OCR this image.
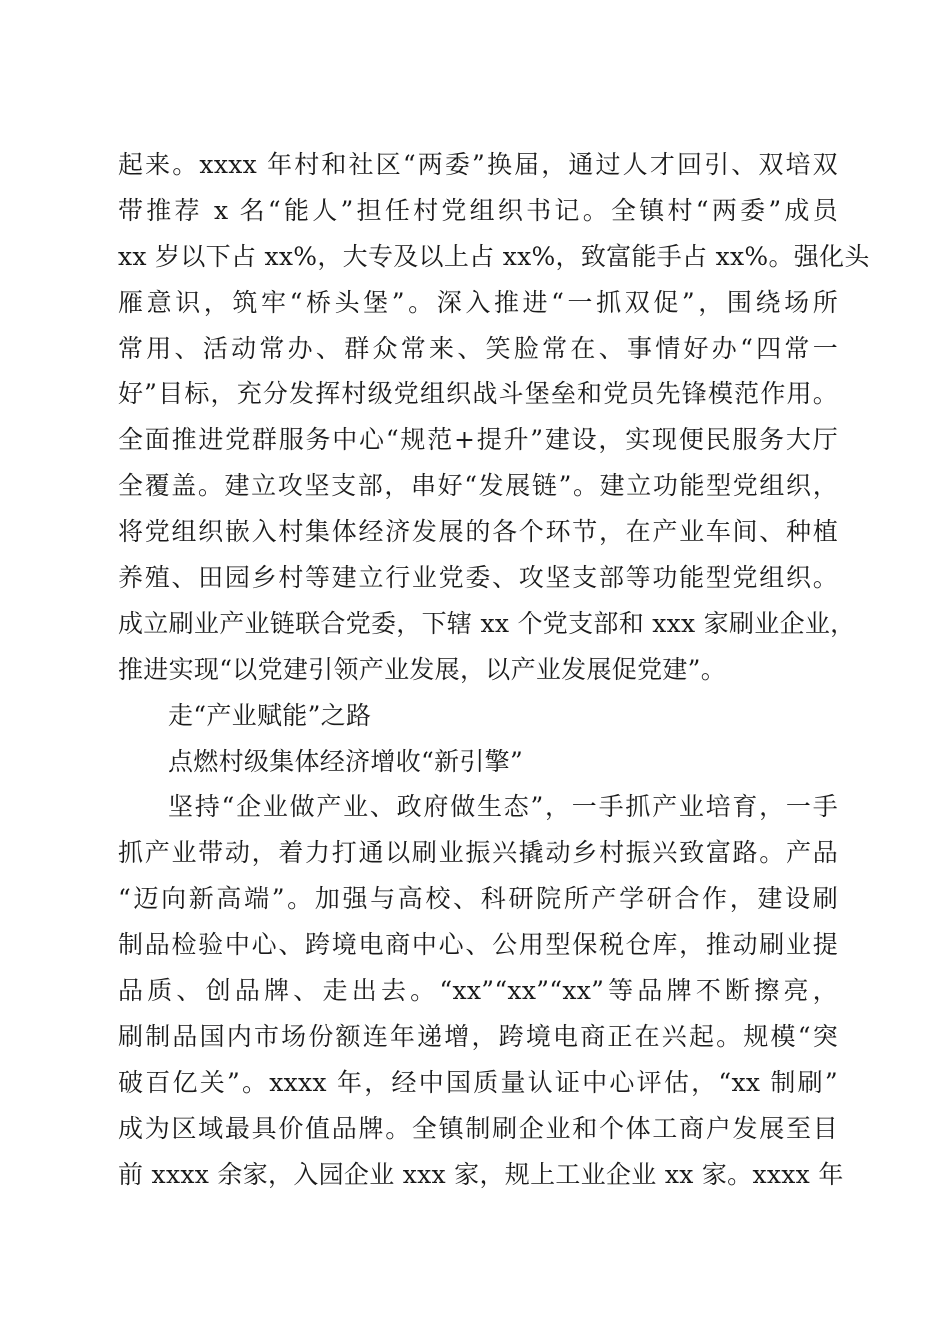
起来。xxxx 年村和社区“两委”换届，通过人才回引、双培双
带推荐 x 名“能人”担任村党组织书记。全镇村“两委”成员
xx 岁以下占 xx%，大专及以上占 xx%，致富能手占 xx%。强化头
雁意识，筑牢“桥头堡”。深入推进“一抓双促”，围绕场所
常用、活动常办、群众常来、笑脸常在、事情好办“四常一
好”目标，充分发挥村级党组织战斗堡垒和党员先锋模范作用。
全面推进党群服务中心“规范+提升”建设，实现便民服务大厅
全覆盖。建立攻坚支部，串好“发展链”。建立功能型党组织，
将党组织嵌入村集体经济发展的各个环节，在产业车间、种植
养殖、田园乡村等建立行业党委、攻坚支部等功能型党组织。
成立刷业产业链联合党委，下辖 xx 个党支部和 xxx 家刷业企业，
推进实现“以党建引领产业发展，以产业发展促党建”。
走“产业赋能”之路
点燃村级集体经济增收“新引擎”
坚持“企业做产业、政府做生态”，一手抓产业培育，一手
抓产业带动，着力打通以刷业振兴撬动乡村振兴致富路。产品
“迈向新高端”。加强与高校、科研院所产学研合作，建设刷
制品检验中心、跨境电商中心、公用型保税仓库，推动刷业提
品质、创品牌、走出去。“xx”“xx”“xx”等品牌不断擦亮，
刷制品国内市场份额连年递增，跨境电商正在兴起。规模“突
破百亿关”。xxxx 年，经中国质量认证中心评估，“xx 制刷”
成为区域最具价值品牌。全镇制刷企业和个体工商户发展至目
前 xxxx 余家，入园企业 xxx 家，规上工业企业 xx 家。xxxx 年
